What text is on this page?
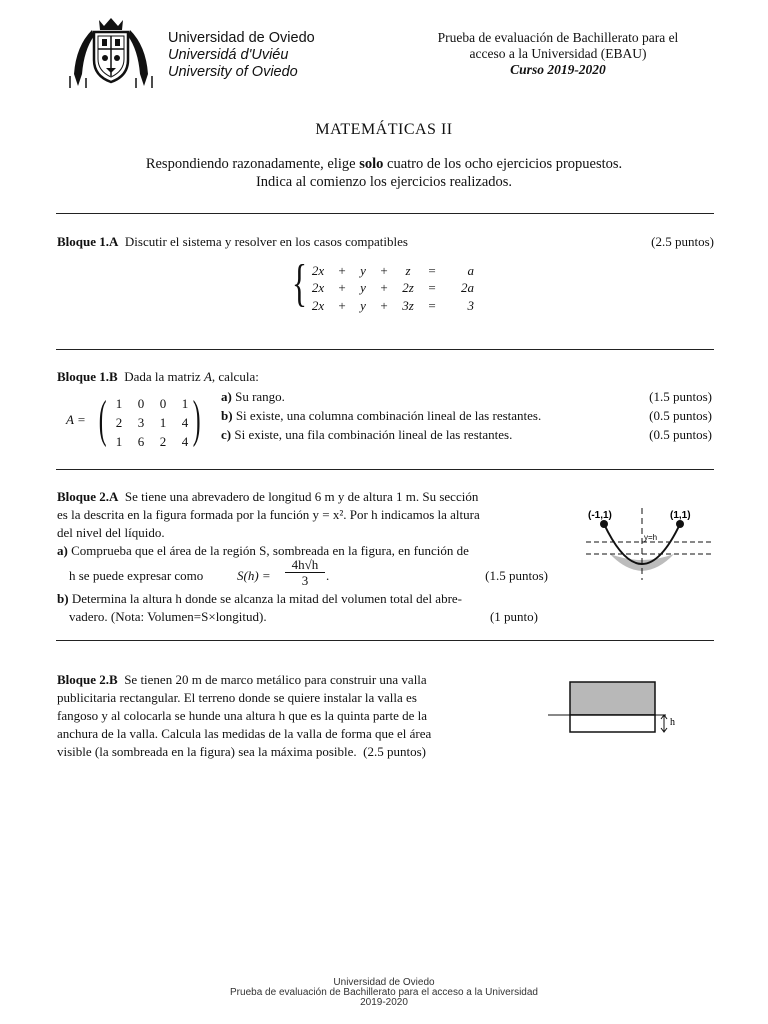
Universidad de Oviedo
Universidá d'Uviéu
University of Oviedo
Prueba de evaluación de Bachillerato para el
acceso a la Universidad (EBAU)
Curso 2019-2020
MATEMÁTICAS II
Respondiendo razonadamente, elige solo cuatro de los ocho ejercicios propuestos.
Indica al comienzo los ejercicios realizados.
Bloque 1.A Discutir el sistema y resolver en los casos compatibles	(2.5 puntos)
{ 2x	+	y	+	z	=	a
2x	+	y	+	2z	=	2a
2x	+	y	+	3z	=	3
Bloque 1.B Dada la matriz A, calcula:
A = ( 1	0	0	1
2	3	1	4
1	6	2	4 ) a) Su rango.	(1.5 puntos)
b) Si existe, una columna combinación lineal de las restantes.	(0.5 puntos)
c) Si existe, una fila combinación lineal de las restantes.	(0.5 puntos)
Bloque 2.A Se tiene una abrevadero de longitud 6 m y de altura 1 m. Su sección
es la descrita en la figura formada por la función y = x². Por h indicamos la altura
del nivel del líquido.
a) Comprueba que el área de la región S, sombreada en la figura, en función de
h se puede expresar como	S(h) =
4h√h
3	.	(1.5 puntos)
b) Determina la altura h donde se alcanza la mitad del volumen total del abre-
vadero. (Nota: Volumen=S×longitud).	(1 punto)
(-1,1)	(1,1)
y=h
Bloque 2.B Se tienen 20 m de marco metálico para construir una valla
publicitaria rectangular. El terreno donde se quiere instalar la valla es
fangoso y al colocarla se hunde una altura h que es la quinta parte de la
anchura de la valla. Calcula las medidas de la valla de forma que el área
visible (la sombreada en la figura) sea la máxima posible. (2.5 puntos)
h
Universidad de Oviedo
Prueba de evaluación de Bachillerato para el acceso a la Universidad
2019-2020
